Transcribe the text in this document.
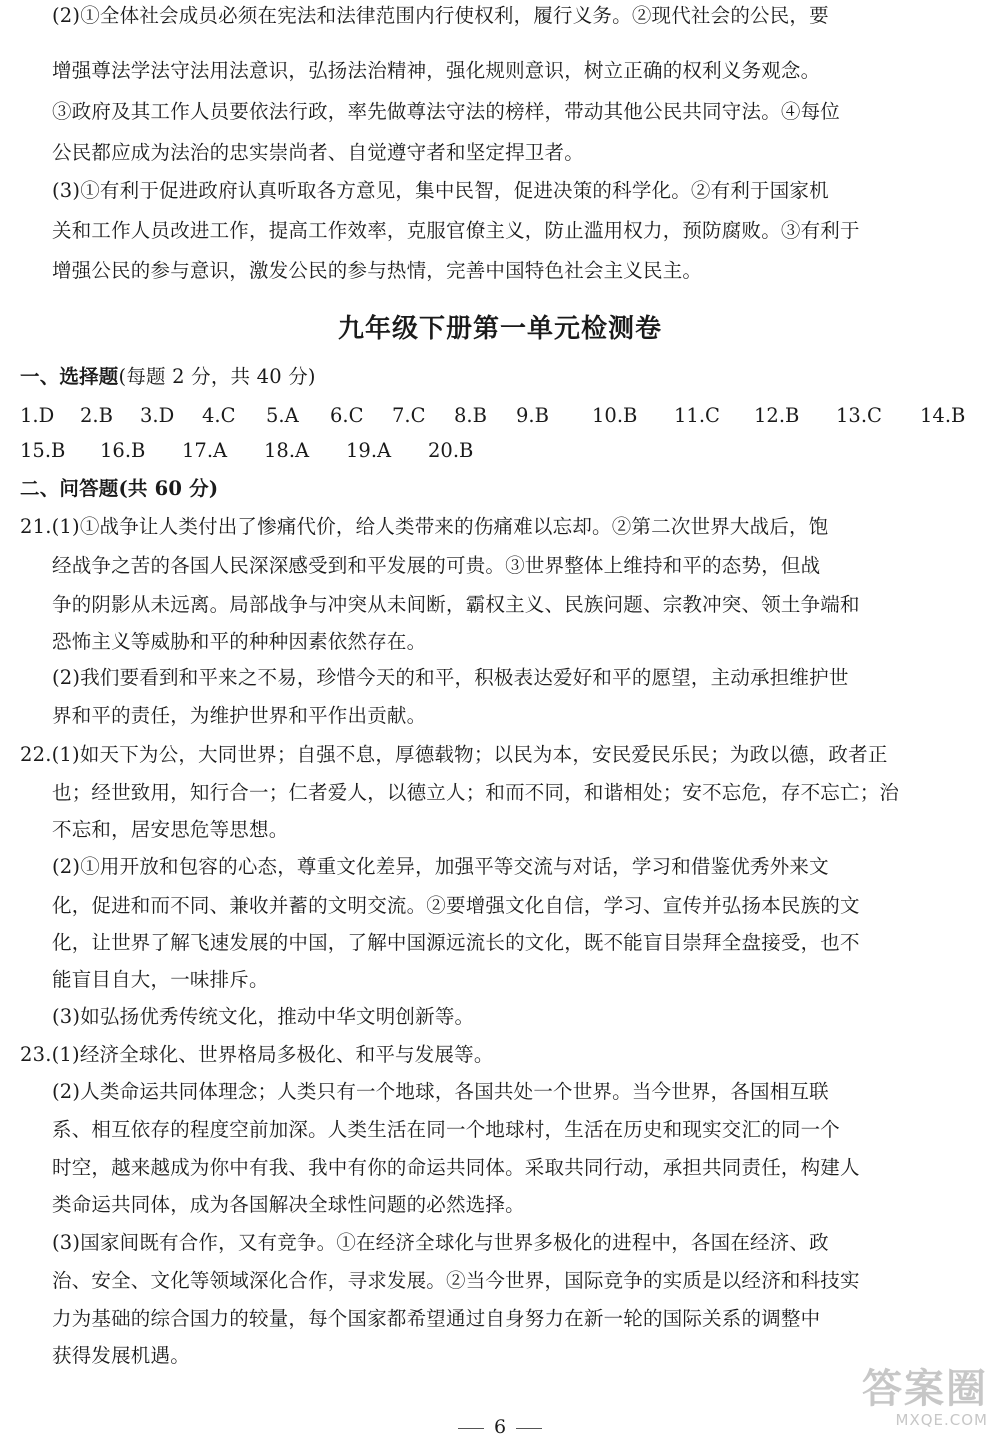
(2)①全体社会成员必须在宪法和法律范围内行使权利，履行义务。②现代社会的公民，要
增强尊法学法守法用法意识，弘扬法治精神，强化规则意识，树立正确的权利义务观念。
③政府及其工作人员要依法行政，率先做尊法守法的榜样，带动其他公民共同守法。④每位
公民都应成为法治的忠实崇尚者、自觉遵守者和坚定捍卫者。
(3)①有利于促进政府认真听取各方意见，集中民智，促进决策的科学化。②有利于国家机
关和工作人员改进工作，提高工作效率，克服官僚主义，防止滥用权力，预防腐败。③有利于
增强公民的参与意识，激发公民的参与热情，完善中国特色社会主义民主。
九年级下册第一单元检测卷
一、选择题(每题 2 分，共 40 分)
1.D 2.B 3.D 4.C 5.A 6.C 7.C 8.B 9.B 10.B 11.C 12.B 13.C 14.B
15.B 16.B 17.A 18.A 19.A 20.B
二、问答题(共 60 分)
21.(1)①战争让人类付出了惨痛代价，给人类带来的伤痛难以忘却。②第二次世界大战后，饱
经战争之苦的各国人民深深感受到和平发展的可贵。③世界整体上维持和平的态势，但战
争的阴影从未远离。局部战争与冲突从未间断，霸权主义、民族问题、宗教冲突、领土争端和
恐怖主义等威胁和平的种种因素依然存在。
(2)我们要看到和平来之不易，珍惜今天的和平，积极表达爱好和平的愿望，主动承担维护世
界和平的责任，为维护世界和平作出贡献。
22.(1)如天下为公，大同世界；自强不息，厚德载物；以民为本，安民爱民乐民；为政以德，政者正
也；经世致用，知行合一；仁者爱人，以德立人；和而不同，和谐相处；安不忘危，存不忘亡；治
不忘和，居安思危等思想。
(2)①用开放和包容的心态，尊重文化差异，加强平等交流与对话，学习和借鉴优秀外来文
化，促进和而不同、兼收并蓄的文明交流。②要增强文化自信，学习、宣传并弘扬本民族的文
化，让世界了解飞速发展的中国，了解中国源远流长的文化，既不能盲目崇拜全盘接受，也不
能盲目自大，一味排斥。
(3)如弘扬优秀传统文化，推动中华文明创新等。
23.(1)经济全球化、世界格局多极化、和平与发展等。
(2)人类命运共同体理念；人类只有一个地球，各国共处一个世界。当今世界，各国相互联
系、相互依存的程度空前加深。人类生活在同一个地球村，生活在历史和现实交汇的同一个
时空，越来越成为你中有我、我中有你的命运共同体。采取共同行动，承担共同责任，构建人
类命运共同体，成为各国解决全球性问题的必然选择。
(3)国家间既有合作，又有竞争。①在经济全球化与世界多极化的进程中，各国在经济、政
治、安全、文化等领域深化合作，寻求发展。②当今世界，国际竞争的实质是以经济和科技实
力为基础的综合国力的较量，每个国家都希望通过自身努力在新一轮的国际关系的调整中
获得发展机遇。
6
答案圈
MXQE.COM
